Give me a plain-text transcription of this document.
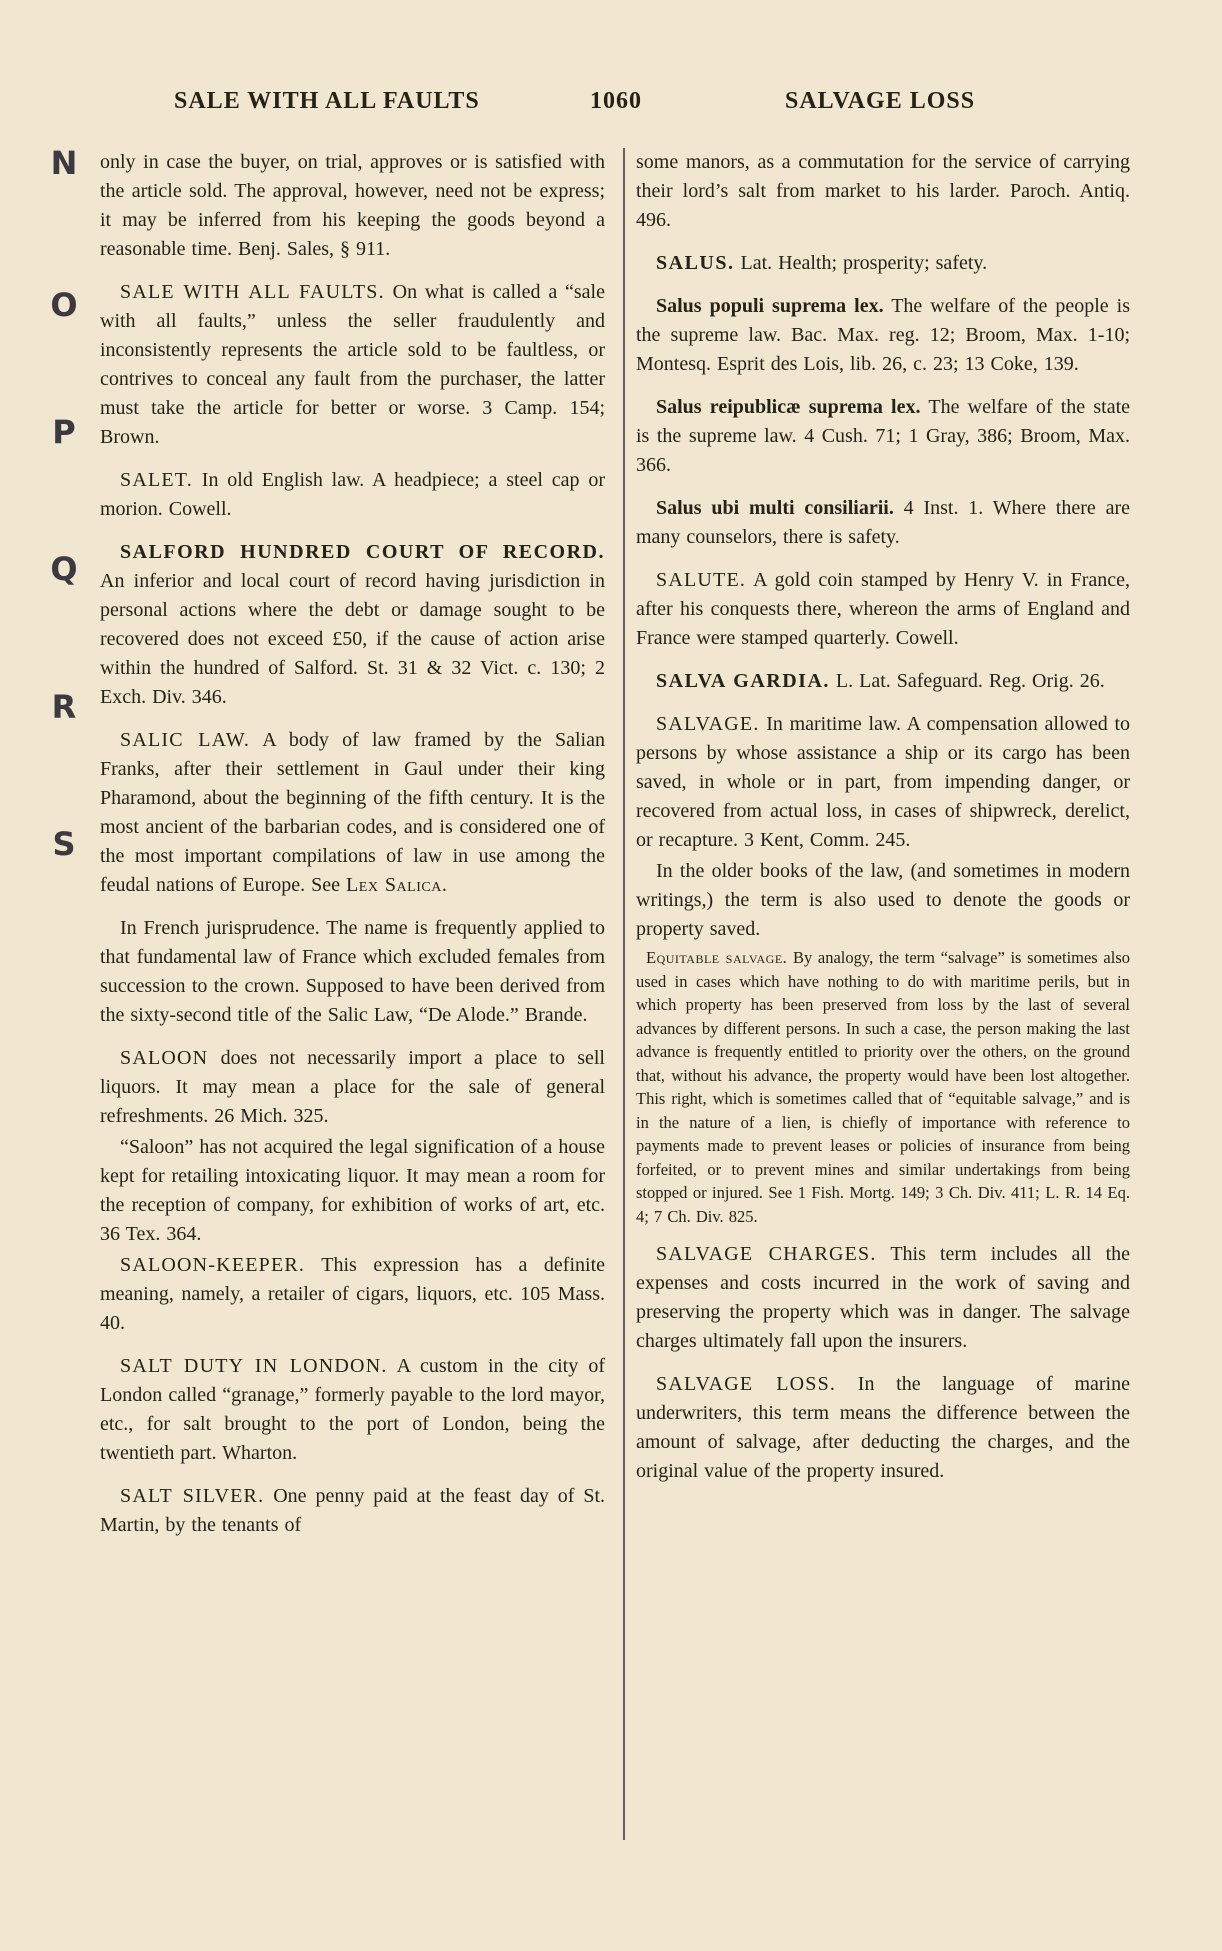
SALE WITH ALL FAULTS	1060	SALVAGE LOSS
N
O
P
Q
R
S

only in case the buyer, on trial, approves or is satisfied with the article sold. The approval, however, need not be express; it may be inferred from his keeping the goods beyond a reasonable time. Benj. Sales, § 911.

SALE WITH ALL FAULTS. On what is called a “sale with all faults,” unless the seller fraudulently and inconsistently represents the article sold to be faultless, or contrives to conceal any fault from the purchaser, the latter must take the article for better or worse. 3 Camp. 154; Brown.

SALET. In old English law. A headpiece; a steel cap or morion. Cowell.

SALFORD HUNDRED COURT OF RECORD. An inferior and local court of record having jurisdiction in personal actions where the debt or damage sought to be recovered does not exceed £50, if the cause of action arise within the hundred of Salford. St. 31 & 32 Vict. c. 130; 2 Exch. Div. 346.

SALIC LAW. A body of law framed by the Salian Franks, after their settlement in Gaul under their king Pharamond, about the beginning of the fifth century. It is the most ancient of the barbarian codes, and is considered one of the most important compilations of law in use among the feudal nations of Europe. See Lex Salica.

In French jurisprudence. The name is frequently applied to that fundamental law of France which excluded females from succession to the crown. Supposed to have been derived from the sixty-second title of the Salic Law, “De Alode.” Brande.

SALOON does not necessarily import a place to sell liquors. It may mean a place for the sale of general refreshments. 26 Mich. 325.

“Saloon” has not acquired the legal signification of a house kept for retailing intoxicating liquor. It may mean a room for the reception of company, for exhibition of works of art, etc. 36 Tex. 364.

SALOON-KEEPER. This expression has a definite meaning, namely, a retailer of cigars, liquors, etc. 105 Mass. 40.

SALT DUTY IN LONDON. A custom in the city of London called “granage,” formerly payable to the lord mayor, etc., for salt brought to the port of London, being the twentieth part. Wharton.

SALT SILVER. One penny paid at the feast day of St. Martin, by the tenants of

some manors, as a commutation for the service of carrying their lord’s salt from market to his larder. Paroch. Antiq. 496.

SALUS. Lat. Health; prosperity; safety.

Salus populi suprema lex. The welfare of the people is the supreme law. Bac. Max. reg. 12; Broom, Max. 1-10; Montesq. Esprit des Lois, lib. 26, c. 23; 13 Coke, 139.

Salus reipublicæ suprema lex. The welfare of the state is the supreme law. 4 Cush. 71; 1 Gray, 386; Broom, Max. 366.

Salus ubi multi consiliarii. 4 Inst. 1. Where there are many counselors, there is safety.

SALUTE. A gold coin stamped by Henry V. in France, after his conquests there, whereon the arms of England and France were stamped quarterly. Cowell.

SALVA GARDIA. L. Lat. Safeguard. Reg. Orig. 26.

SALVAGE. In maritime law. A compensation allowed to persons by whose assistance a ship or its cargo has been saved, in whole or in part, from impending danger, or recovered from actual loss, in cases of shipwreck, derelict, or recapture. 3 Kent, Comm. 245.

In the older books of the law, (and sometimes in modern writings,) the term is also used to denote the goods or property saved.

Equitable salvage. By analogy, the term “salvage” is sometimes also used in cases which have nothing to do with maritime perils, but in which property has been preserved from loss by the last of several advances by different persons. In such a case, the person making the last advance is frequently entitled to priority over the others, on the ground that, without his advance, the property would have been lost altogether. This right, which is sometimes called that of “equitable salvage,” and is in the nature of a lien, is chiefly of importance with reference to payments made to prevent leases or policies of insurance from being forfeited, or to prevent mines and similar undertakings from being stopped or injured. See 1 Fish. Mortg. 149; 3 Ch. Div. 411; L. R. 14 Eq. 4; 7 Ch. Div. 825.

SALVAGE CHARGES. This term includes all the expenses and costs incurred in the work of saving and preserving the property which was in danger. The salvage charges ultimately fall upon the insurers.

SALVAGE LOSS. In the language of marine underwriters, this term means the difference between the amount of salvage, after deducting the charges, and the original value of the property insured.
